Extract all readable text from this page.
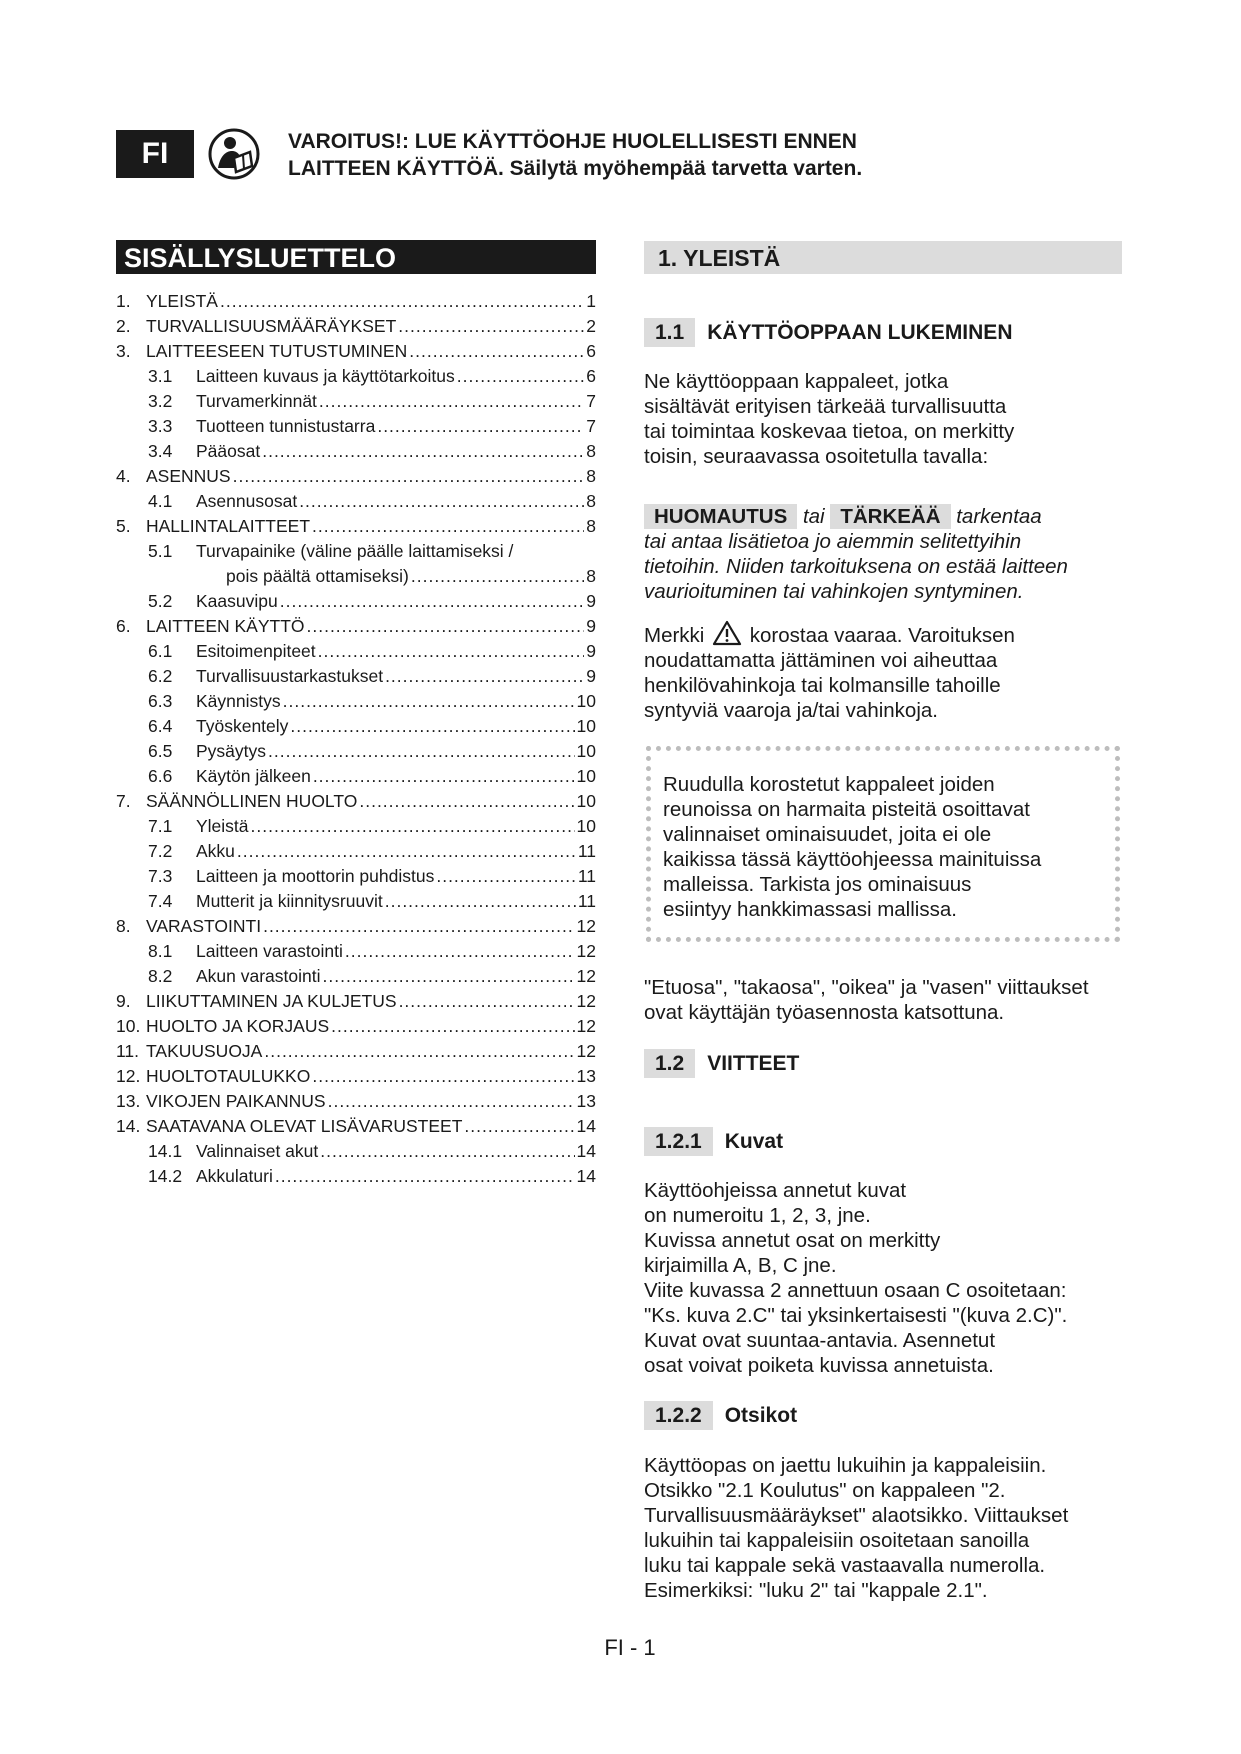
FI	VAROITUS!: LUE KÄYTTÖOHJE HUOLELLISESTI ENNEN
LAITTEEN KÄYTTÖÄ. Säilytä myöhempää tarvetta varten.
SISÄLLYSLUETTELO
1. YLEISTÄ .....	1
2. TURVALLISUUSMÄÄRÄYKSET .....	2
3. LAITTEESEEN TUTUSTUMINEN .....	6
3.1	Laitteen kuvaus ja käyttötarkoitus .....	6
3.2	Turvamerkinnät .....	7
3.3	Tuotteen tunnistustarra .....	7
3.4	Pääosat .....	8
4. ASENNUS .....	8
4.1	Asennusosat .....	8
5. HALLINTALAITTEET .....	8
5.1	Turvapainike (väline päälle laittamiseksi /
pois päältä ottamiseksi) .....	8
5.2	Kaasuvipu .....	9
6. LAITTEEN KÄYTTÖ .....	9
6.1	Esitoimenpiteet .....	9
6.2	Turvallisuustarkastukset .....	9
6.3	Käynnistys .....	10
6.4	Työskentely .....	10
6.5	Pysäytys .....	10
6.6	Käytön jälkeen .....	10
7. SÄÄNNÖLLINEN HUOLTO .....	10
7.1	Yleistä .....	10
7.2	Akku .....	11
7.3	Laitteen ja moottorin puhdistus .....	11
7.4	Mutterit ja kiinnitysruuvit .....	11
8. VARASTOINTI .....	12
8.1	Laitteen varastointi .....	12
8.2	Akun varastointi .....	12
9. LIIKUTTAMINEN JA KULJETUS .....	12
10. HUOLTO JA KORJAUS .....	12
11. TAKUUSUOJA .....	12
12. HUOLTOTAULUKKO .....	13
13. VIKOJEN PAIKANNUS .....	13
14. SAATAVANA OLEVAT LISÄVARUSTEET .....	14
14.1 Valinnaiset akut .....	14
14.2 Akkulaturi .....	14
1. YLEISTÄ
1.1	KÄYTTÖOPPAAN LUKEMINEN
Ne käyttöoppaan kappaleet, jotka
sisältävät erityisen tärkeää turvallisuutta
tai toimintaa koskevaa tietoa, on merkitty
toisin, seuraavassa osoitetulla tavalla:
HUOMAUTUS tai TÄRKEÄÄ tarkentaa
tai antaa lisätietoa jo aiemmin selitettyihin
tietoihin. Niiden tarkoituksena on estää laitteen
vaurioituminen tai vahinkojen syntyminen.
Merkki korostaa vaaraa. Varoituksen
noudattamatta jättäminen voi aiheuttaa
henkilövahinkoja tai kolmansille tahoille
syntyviä vaaroja ja/tai vahinkoja.
Ruudulla korostetut kappaleet joiden
reunoissa on harmaita pisteitä osoittavat
valinnaiset ominaisuudet, joita ei ole
kaikissa tässä käyttöohjeessa mainituissa
malleissa. Tarkista jos ominaisuus
esiintyy hankkimassasi mallissa.
"Etuosa", "takaosa", "oikea" ja "vasen" viittaukset
ovat käyttäjän työasennosta katsottuna.
1.2	VIITTEET
1.2.1	Kuvat
Käyttöohjeissa annetut kuvat
on numeroitu 1, 2, 3, jne.
Kuvissa annetut osat on merkitty
kirjaimilla A, B, C jne.
Viite kuvassa 2 annettuun osaan C osoitetaan:
"Ks. kuva 2.C" tai yksinkertaisesti "(kuva 2.C)".
Kuvat ovat suuntaa-antavia. Asennetut
osat voivat poiketa kuvissa annetuista.
1.2.2	Otsikot
Käyttöopas on jaettu lukuihin ja kappaleisiin.
Otsikko "2.1 Koulutus" on kappaleen "2.
Turvallisuusmääräykset" alaotsikko. Viittaukset
lukuihin tai kappaleisiin osoitetaan sanoilla
luku tai kappale sekä vastaavalla numerolla.
Esimerkiksi: "luku 2" tai "kappale 2.1".
FI - 1
